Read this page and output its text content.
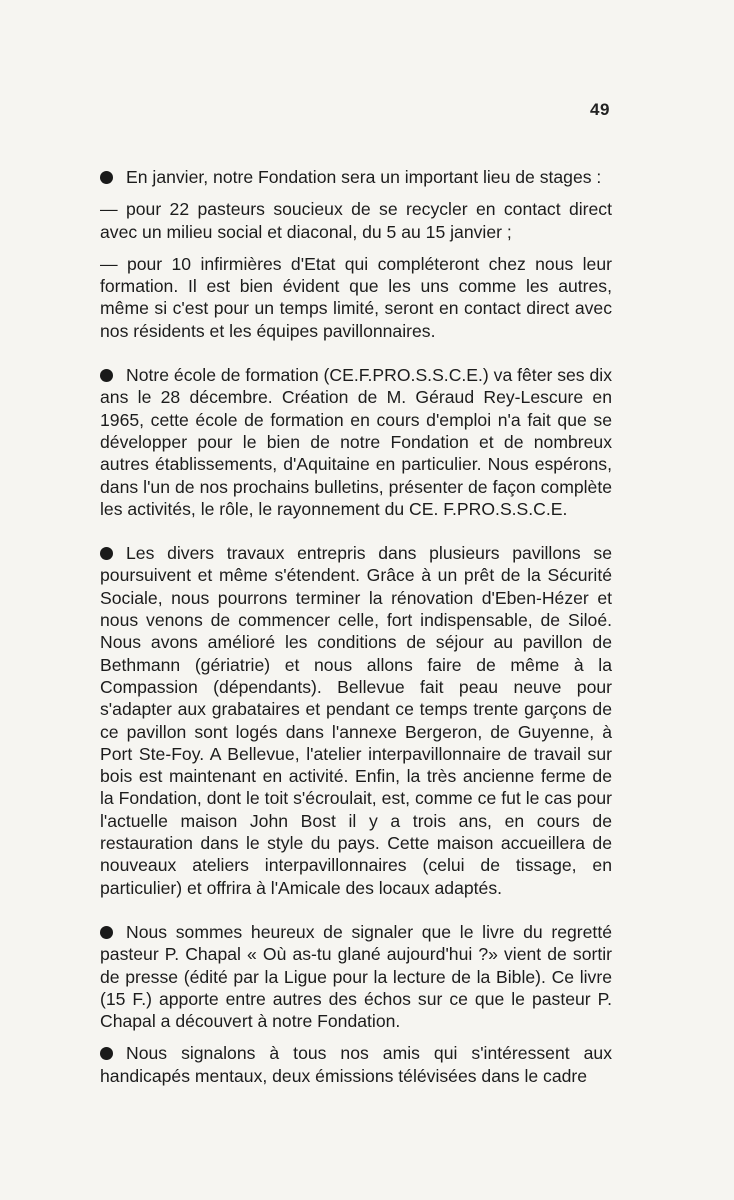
49

En janvier, notre Fondation sera un important lieu de stages :

— pour 22 pasteurs soucieux de se recycler en contact direct avec un milieu social et diaconal, du 5 au 15 janvier ;

— pour 10 infirmières d'Etat qui compléteront chez nous leur formation. Il est bien évident que les uns comme les autres, même si c'est pour un temps limité, seront en contact direct avec nos résidents et les équipes pavillonnaires.

Notre école de formation (CE.F.PRO.S.S.C.E.) va fêter ses dix ans le 28 décembre. Création de M. Géraud Rey-Lescure en 1965, cette école de formation en cours d'emploi n'a fait que se développer pour le bien de notre Fondation et de nombreux autres établissements, d'Aquitaine en particulier. Nous espérons, dans l'un de nos prochains bulletins, présenter de façon complète les activités, le rôle, le rayonnement du CE. F.PRO.S.S.C.E.

Les divers travaux entrepris dans plusieurs pavillons se poursuivent et même s'étendent. Grâce à un prêt de la Sécurité Sociale, nous pourrons terminer la rénovation d'Eben-Hézer et nous venons de commencer celle, fort indispensable, de Siloé. Nous avons amélioré les conditions de séjour au pavillon de Bethmann (gériatrie) et nous allons faire de même à la Compassion (dépendants). Bellevue fait peau neuve pour s'adapter aux grabataires et pendant ce temps trente garçons de ce pavillon sont logés dans l'annexe Bergeron, de Guyenne, à Port Ste-Foy. A Bellevue, l'atelier interpavillonnaire de travail sur bois est maintenant en activité. Enfin, la très ancienne ferme de la Fondation, dont le toit s'écroulait, est, comme ce fut le cas pour l'actuelle maison John Bost il y a trois ans, en cours de restauration dans le style du pays. Cette maison accueillera de nouveaux ateliers interpavillonnaires (celui de tissage, en particulier) et offrira à l'Amicale des locaux adaptés.

Nous sommes heureux de signaler que le livre du regretté pasteur P. Chapal « Où as-tu glané aujourd'hui ?» vient de sortir de presse (édité par la Ligue pour la lecture de la Bible). Ce livre (15 F.) apporte entre autres des échos sur ce que le pasteur P. Chapal a découvert à notre Fondation.

Nous signalons à tous nos amis qui s'intéressent aux handicapés mentaux, deux émissions télévisées dans le cadre
